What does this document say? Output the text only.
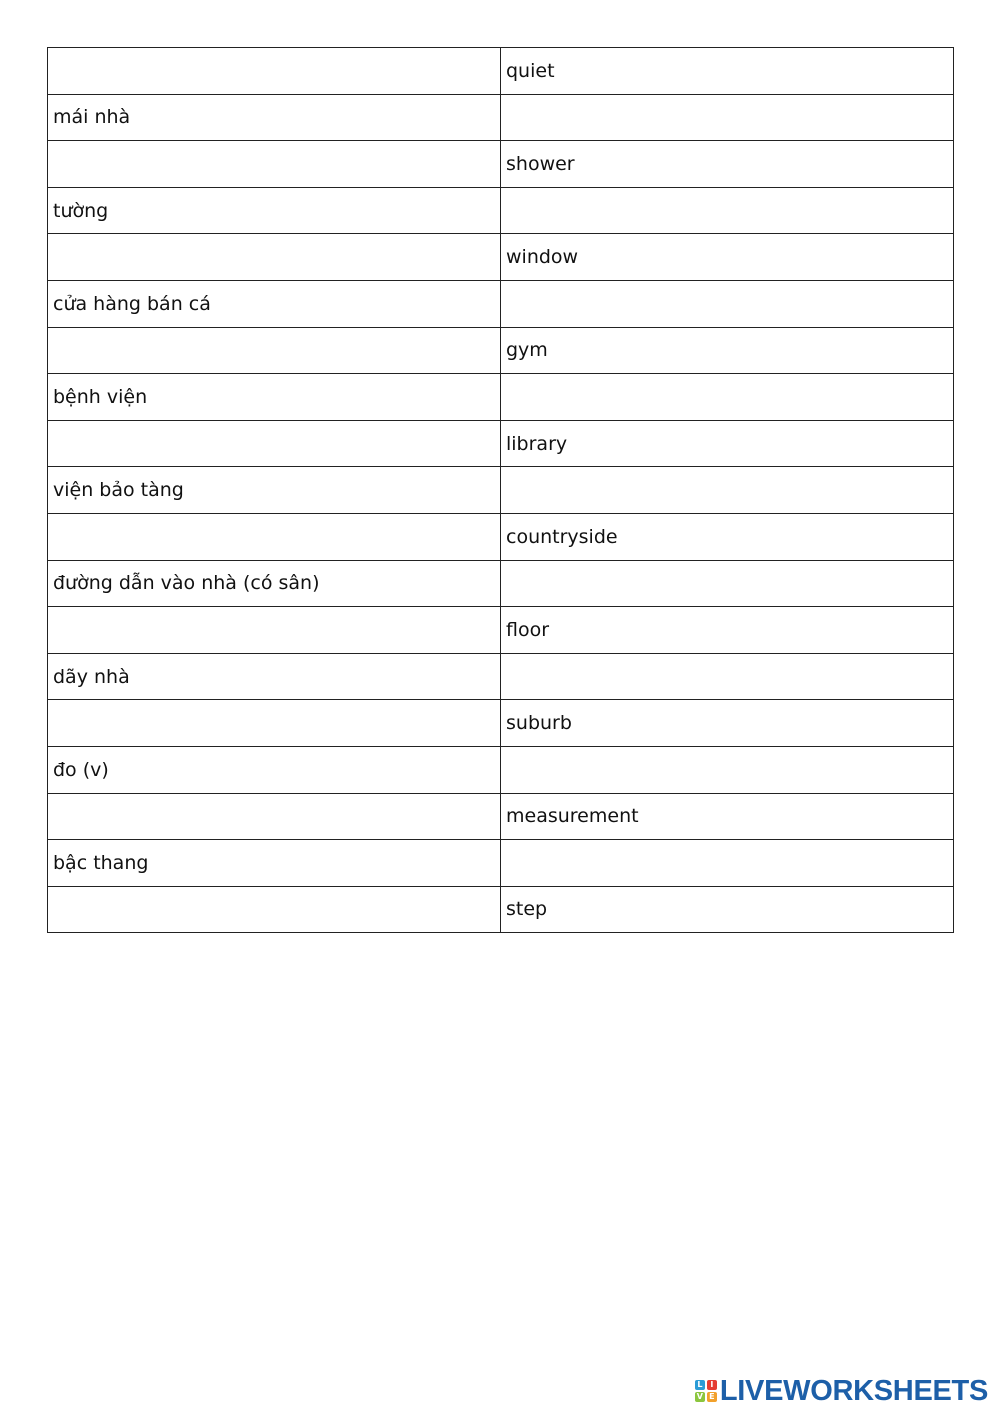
	quiet
mái nhà	
	shower
tường	
	window
cửa hàng bán cá	
	gym
bệnh viện	
	library
viện bảo tàng	
	countryside
đường dẫn vào nhà (có sân)	
	floor
dãy nhà	
	suburb
đo (v)	
	measurement
bậc thang	
	step
L I
V E LIVEWORKSHEETS
